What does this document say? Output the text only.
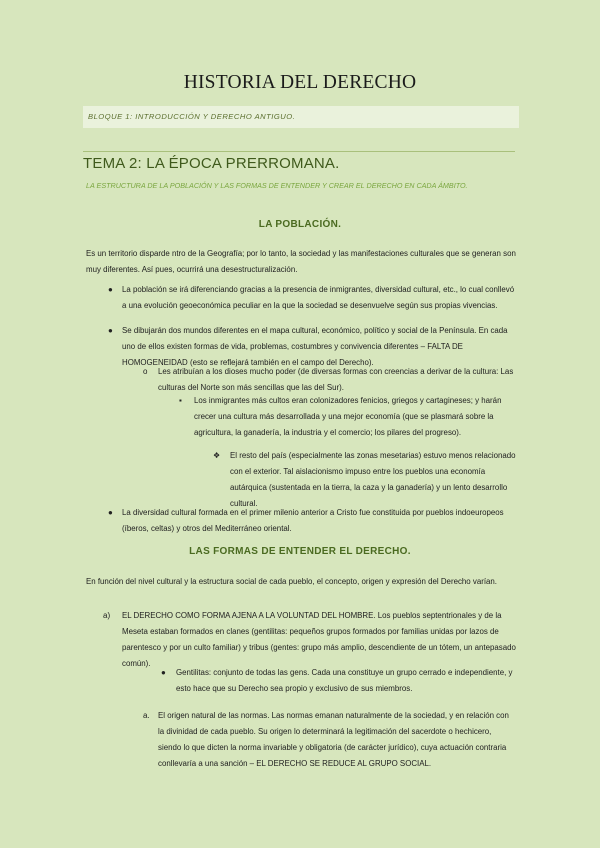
HISTORIA DEL DERECHO
BLOQUE 1: INTRODUCCIÓN Y DERECHO ANTIGUO.
TEMA 2: LA ÉPOCA PRERROMANA.
LA ESTRUCTURA DE LA POBLACIÓN Y LAS FORMAS DE ENTENDER Y CREAR EL DERECHO EN CADA ÁMBITO.
LA POBLACIÓN.
Es un territorio disparde ntro de la Geografía; por lo tanto, la sociedad y las manifestaciones culturales que se generan son muy diferentes. Así pues, ocurrirá una desestructuralización.
● La población se irá diferenciando gracias a la presencia de inmigrantes, diversidad cultural, etc., lo cual conllevó a una evolución geoeconómica peculiar en la que la sociedad se desenvuelve según sus propias vivencias.
● Se dibujarán dos mundos diferentes en el mapa cultural, económico, político y social de la Península. En cada uno de ellos existen formas de vida, problemas, costumbres y convivencia diferentes – FALTA DE HOMOGENEIDAD (esto se reflejará también en el campo del Derecho).
o Les atribuían a los dioses mucho poder (de diversas formas con creencias a derivar de la cultura: Las culturas del Norte son más sencillas que las del Sur).
▪ Los inmigrantes más cultos eran colonizadores fenicios, griegos y cartagineses; y harán crecer una cultura más desarrollada y una mejor economía (que se plasmará sobre la agricultura, la ganadería, la industria y el comercio; los pilares del progreso).
❖ El resto del país (especialmente las zonas mesetarias) estuvo menos relacionado con el exterior. Tal aislacionismo impuso entre los pueblos una economía autárquica (sustentada en la tierra, la caza y la ganadería) y un lento desarrollo cultural.
● La diversidad cultural formada en el primer milenio anterior a Cristo fue constituida por pueblos indoeuropeos (íberos, celtas) y otros del Mediterráneo oriental.
LAS FORMAS DE ENTENDER EL DERECHO.
En función del nivel cultural y la estructura social de cada pueblo, el concepto, origen y expresión del Derecho varían.
a) EL DERECHO COMO FORMA AJENA A LA VOLUNTAD DEL HOMBRE. Los pueblos septentrionales y de la Meseta estaban formados en clanes (gentilitas: pequeños grupos formados por familias unidas por lazos de parentesco y por un culto familiar) y tribus (gentes: grupo más amplio, descendiente de un tótem, un antepasado común).
● Gentilitas: conjunto de todas las gens. Cada una constituye un grupo cerrado e independiente, y esto hace que su Derecho sea propio y exclusivo de sus miembros.
a. El origen natural de las normas. Las normas emanan naturalmente de la sociedad, y en relación con la divinidad de cada pueblo. Su origen lo determinará la legitimación del sacerdote o hechicero, siendo lo que dicten la norma invariable y obligatoria (de carácter jurídico), cuya actuación contraria conllevaría a una sanción – EL DERECHO SE REDUCE AL GRUPO SOCIAL.
